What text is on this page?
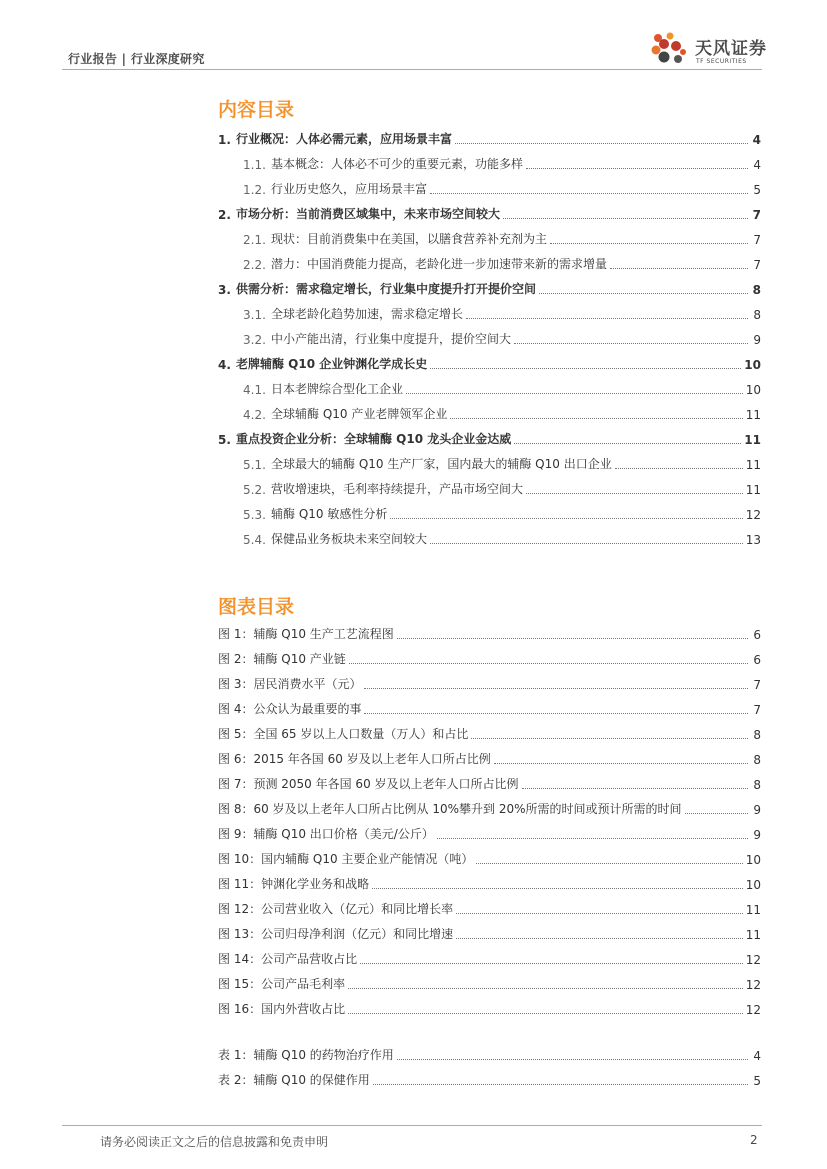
行业报告 | 行业深度研究	天风证券
TF SECURITIES
内容目录
1. 行业概况：人体必需元素，应用场景丰富	4
1.1. 基本概念：人体必不可少的重要元素，功能多样	4
1.2. 行业历史悠久，应用场景丰富	5
2. 市场分析：当前消费区域集中，未来市场空间较大	7
2.1. 现状：目前消费集中在美国，以膳食营养补充剂为主	7
2.2. 潜力：中国消费能力提高，老龄化进一步加速带来新的需求增量	7
3. 供需分析：需求稳定增长，行业集中度提升打开提价空间	8
3.1. 全球老龄化趋势加速，需求稳定增长	8
3.2. 中小产能出清，行业集中度提升，提价空间大	9
4. 老牌辅酶 Q10 企业钟渊化学成长史	10
4.1. 日本老牌综合型化工企业	10
4.2. 全球辅酶 Q10 产业老牌领军企业	11
5. 重点投资企业分析：全球辅酶 Q10 龙头企业金达威	11
5.1. 全球最大的辅酶 Q10 生产厂家，国内最大的辅酶 Q10 出口企业	11
5.2. 营收增速块，毛利率持续提升，产品市场空间大	11
5.3. 辅酶 Q10 敏感性分析	12
5.4. 保健品业务板块未来空间较大	13
图表目录
图 1：辅酶 Q10 生产工艺流程图	6
图 2：辅酶 Q10 产业链	6
图 3：居民消费水平（元）	7
图 4：公众认为最重要的事	7
图 5：全国 65 岁以上人口数量（万人）和占比	8
图 6：2015 年各国 60 岁及以上老年人口所占比例	8
图 7：预测 2050 年各国 60 岁及以上老年人口所占比例	8
图 8：60 岁及以上老年人口所占比例从 10%攀升到 20%所需的时间或预计所需的时间	9
图 9：辅酶 Q10 出口价格（美元/公斤）	9
图 10：国内辅酶 Q10 主要企业产能情况（吨）	10
图 11：钟渊化学业务和战略	10
图 12：公司营业收入（亿元）和同比增长率	11
图 13：公司归母净利润（亿元）和同比增速	11
图 14：公司产品营收占比	12
图 15：公司产品毛利率	12
图 16：国内外营收占比	12
表 1：辅酶 Q10 的药物治疗作用	4
表 2：辅酶 Q10 的保健作用	5
请务必阅读正文之后的信息披露和免责申明	2
